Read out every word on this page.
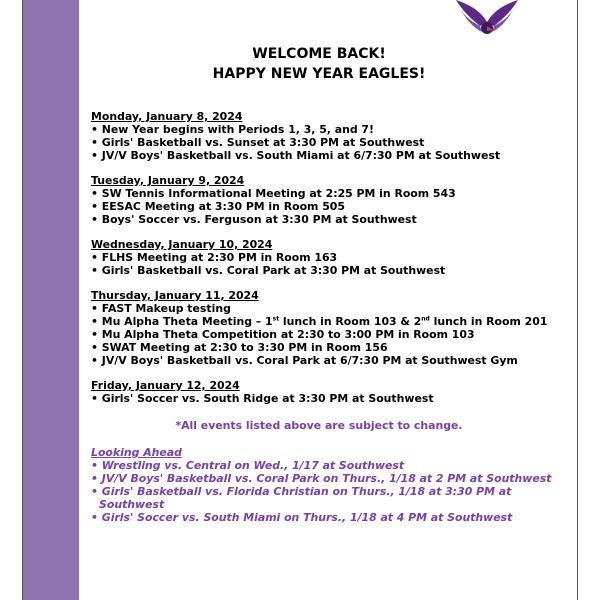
WELCOME BACK!
HAPPY NEW YEAR EAGLES!
Monday, January 8, 2024
• New Year begins with Periods 1, 3, 5, and 7!
• Girls' Basketball vs. Sunset at 3:30 PM at Southwest
• JV/V Boys' Basketball vs. South Miami at 6/7:30 PM at Southwest
Tuesday, January 9, 2024
• SW Tennis Informational Meeting at 2:25 PM in Room 543
• EESAC Meeting at 3:30 PM in Room 505
• Boys' Soccer vs. Ferguson at 3:30 PM at Southwest
Wednesday, January 10, 2024
• FLHS Meeting at 2:30 PM in Room 163
• Girls' Basketball vs. Coral Park at 3:30 PM at Southwest
Thursday, January 11, 2024
• FAST Makeup testing
• Mu Alpha Theta Meeting – 1st lunch in Room 103 & 2nd lunch in Room 201
• Mu Alpha Theta Competition at 2:30 to 3:00 PM in Room 103
• SWAT Meeting at 2:30 to 3:30 PM in Room 156
• JV/V Boys' Basketball vs. Coral Park at 6/7:30 PM at Southwest Gym
Friday, January 12, 2024
• Girls' Soccer vs. South Ridge at 3:30 PM at Southwest
*All events listed above are subject to change.
Looking Ahead
• Wrestling vs. Central on Wed., 1/17 at Southwest
• JV/V Boys' Basketball vs. Coral Park on Thurs., 1/18 at 2 PM at Southwest
• Girls' Basketball vs. Florida Christian on Thurs., 1/18 at 3:30 PM at Southwest
• Girls' Soccer vs. South Miami on Thurs., 1/18 at 4 PM at Southwest
